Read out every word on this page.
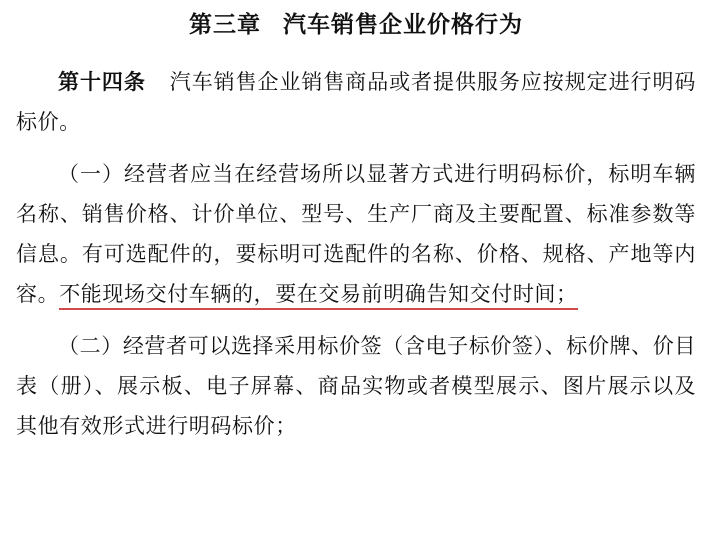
第三章 汽车销售企业价格行为

第十四条 汽车销售企业销售商品或者提供服务应按规定进行明码标价。

（一）经营者应当在经营场所以显著方式进行明码标价，标明车辆名称、销售价格、计价单位、型号、生产厂商及主要配置、标准参数等信息。有可选配件的，要标明可选配件的名称、价格、规格、产地等内容。不能现场交付车辆的，要在交易前明确告知交付时间；

（二）经营者可以选择采用标价签（含电子标价签）、标价牌、价目表（册）、展示板、电子屏幕、商品实物或者模型展示、图片展示以及其他有效形式进行明码标价；
